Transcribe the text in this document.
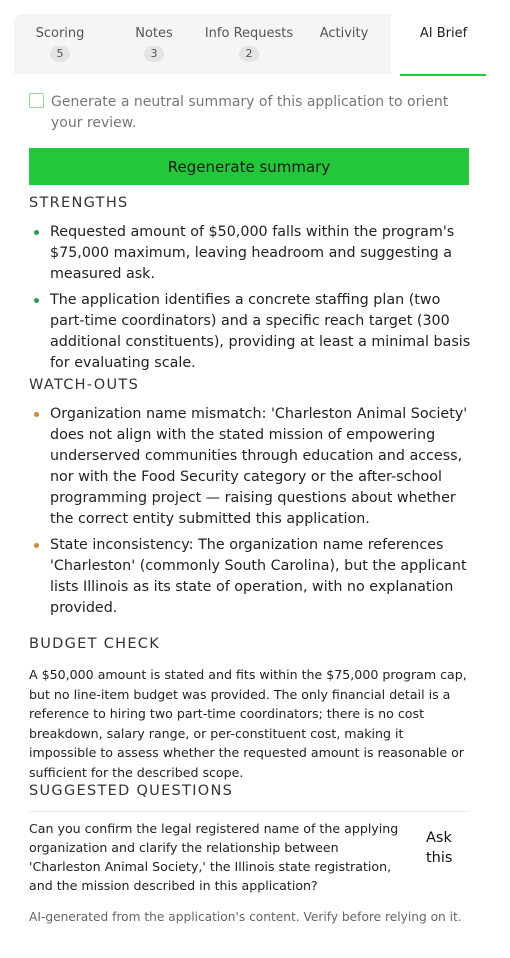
Scoring
5
Notes
3
Info Requests
2
Activity	AI Brief
Generate a neutral summary of this application to orient your review.
Regenerate summary
STRENGTHS
Requested amount of $50,000 falls within the program's $75,000 maximum, leaving headroom and suggesting a measured ask.
The application identifies a concrete staffing plan (two part-time coordinators) and a specific reach target (300 additional constituents), providing at least a minimal basis for evaluating scale.
WATCH-OUTS
Organization name mismatch: 'Charleston Animal Society' does not align with the stated mission of empowering underserved communities through education and access, nor with the Food Security category or the after-school programming project — raising questions about whether the correct entity submitted this application.
State inconsistency: The organization name references 'Charleston' (commonly South Carolina), but the applicant lists Illinois as its state of operation, with no explanation provided.
BUDGET CHECK
A $50,000 amount is stated and fits within the $75,000 program cap, but no line-item budget was provided. The only financial detail is a reference to hiring two part-time coordinators; there is no cost breakdown, salary range, or per-constituent cost, making it impossible to assess whether the requested amount is reasonable or sufficient for the described scope.
SUGGESTED QUESTIONS
Can you confirm the legal registered name of the applying organization and clarify the relationship between 'Charleston Animal Society,' the Illinois state registration, and the mission described in this application?
Ask this
AI-generated from the application's content. Verify before relying on it.
